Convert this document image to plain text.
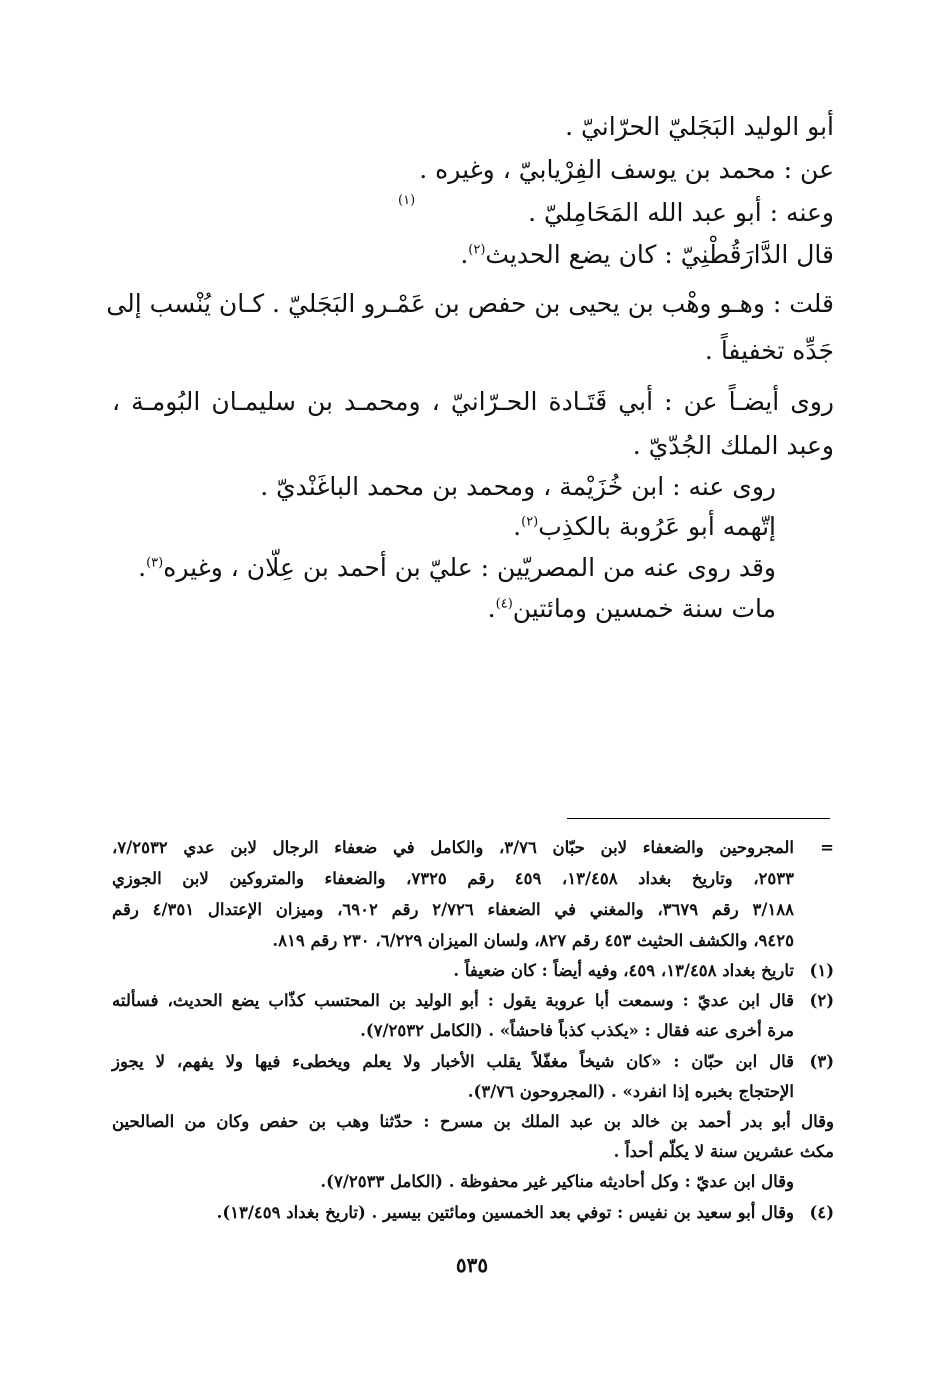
أبو الوليد البَجَليّ الحرّانيّ .
عن : محمد بن يوسف الفِرْيابيّ ، وغيره .
(١)	وعنه : أبو عبد الله المَحَامِليّ .
قال الدَّارَقُطْنِيّ : كان يضع الحديث$^{(٢)}$.
قلت : وهـو وهْب بن يحيى بن حفص بن عَمْـرو البَجَليّ . كـان يُنْسب إلى
جَدِّه تخفيفاً .
روى أيضـاً عن : أبي قَتَـادة الحـرّانيّ ، ومحمـد بن سليمـان البُومـة ،
وعبد الملك الجُدّيّ .
روى عنه : ابن خُزَيْمة ، ومحمد بن محمد الباغَنْديّ .
إتّهمه أبو عَرُوبة بالكذِب$^{(٢)}$.
وقد روى عنه من المصريّين : عليّ بن أحمد بن عِلّان ، وغيره$^{(٣)}$.
مات سنة خمسين ومائتين$^{(٤)}$.
=
المجروحين والضعفاء لابن حبّان ٣/٧٦، والكامل في ضعفاء الرجال لابن عدي ٧/٢٥٣٢،
٢٥٣٣، وتاريخ بغداد ١٣/٤٥٨، ٤٥٩ رقم ٧٣٢٥، والضعفاء والمتروكين لابن الجوزي
٣/١٨٨ رقم ٣٦٧٩، والمغني في الضعفاء ٢/٧٢٦ رقم ٦٩٠٢، وميزان الإعتدال ٤/٣٥١ رقم
٩٤٢٥، والكشف الحثيث ٤٥٣ رقم ٨٢٧، ولسان الميزان ٦/٢٢٩، ٢٣٠ رقم ٨١٩.
(١)
تاريخ بغداد ١٣/٤٥٨، ٤٥٩، وفيه أيضاً : كان ضعيفاً .
(٢)
قال ابن عديّ : وسمعت أبا عروبة يقول : أبو الوليد بن المحتسب كذّاب يضع الحديث، فسألته
مرة أخرى عنه فقال : «يكذب كذباً فاحشاً» . (الكامل ٧/٢٥٣٢).
(٣)
قال ابن حبّان : «كان شيخاً مغفّلاً يقلب الأخبار ولا يعلم ويخطىء فيها ولا يفهم، لا يجوز
الإحتجاج بخبره إذا انفرد» . (المجروحون ٣/٧٦).
وقال أبو بدر أحمد بن خالد بن عبد الملك بن مسرح : حدّثنا وهب بن حفص وكان من الصالحين
مكث عشرين سنة لا يكلّم أحداً .
وقال ابن عديّ : وكل أحاديثه مناكير غير محفوظة . (الكامل ٧/٢٥٣٣).
(٤)
وقال أبو سعيد بن نفيس : توفي بعد الخمسين ومائتين بيسير . (تاريخ بغداد ١٣/٤٥٩).
٥٣٥
